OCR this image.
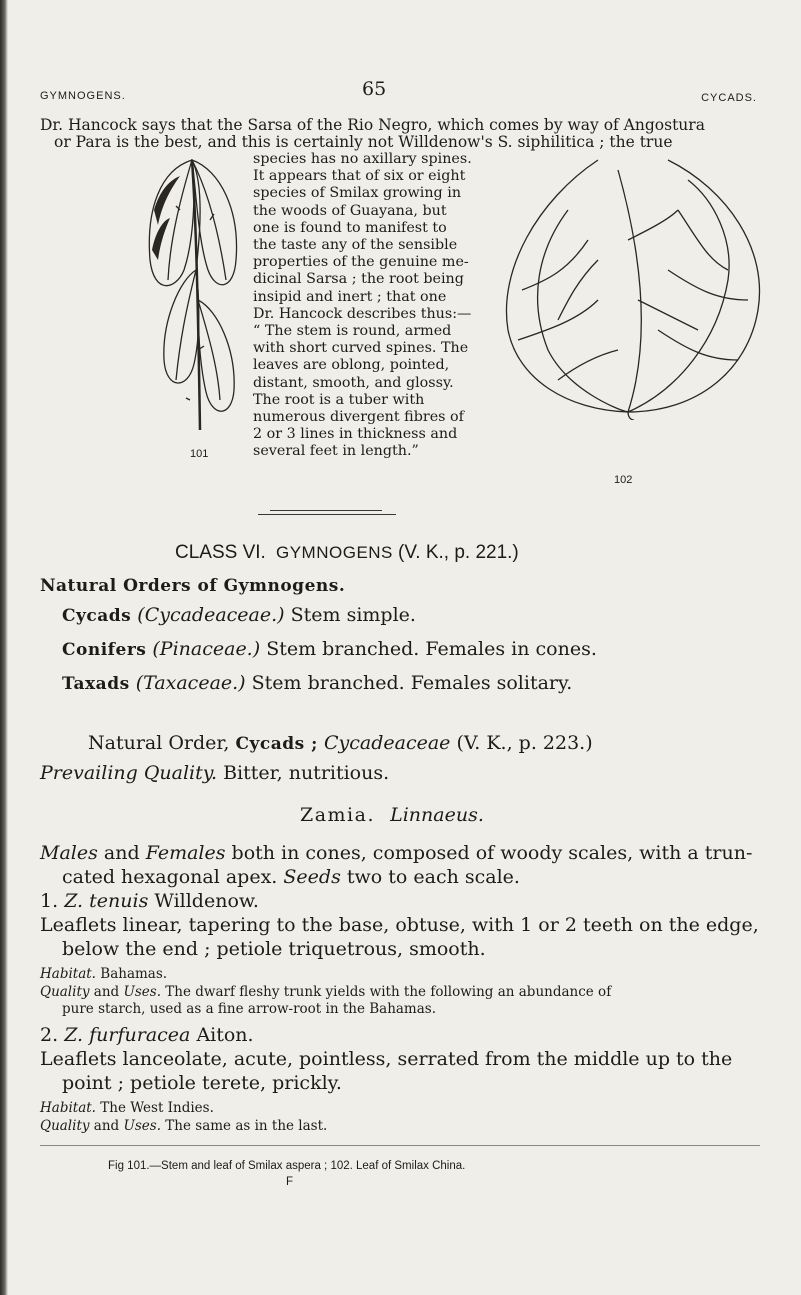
GYMNOGENS.	65	CYCADS.
Dr. Hancock says that the Sarsa of the Rio Negro, which comes by way of Angostura
or Para is the best, and this is certainly not Willdenow's S. siphilitica ; the true
101
species has no axillary spines.
It appears that of six or eight
species of Smilax growing in
the woods of Guayana, but
one is found to manifest to
the taste any of the sensible
properties of the genuine me-
dicinal Sarsa ; the root being
insipid and inert ; that one
Dr. Hancock describes thus:—
“ The stem is round, armed
with short curved spines. The
leaves are oblong, pointed,
distant, smooth, and glossy.
The root is a tuber with
numerous divergent fibres of
2 or 3 lines in thickness and
several feet in length.”
102
CLASS VI. GYMNOGENS (V. K., p. 221.)
Natural Orders of Gymnogens.
Cycads (Cycadeaceae.) Stem simple.
Conifers (Pinaceae.) Stem branched. Females in cones.
Taxads (Taxaceae.) Stem branched. Females solitary.
Natural Order, Cycads ; Cycadeaceae (V. K., p. 223.)
Prevailing Quality. Bitter, nutritious.
Zamia. Linnaeus.
Males and Females both in cones, composed of woody scales, with a trun-
cated hexagonal apex. Seeds two to each scale.
1. Z. tenuis Willdenow.
Leaflets linear, tapering to the base, obtuse, with 1 or 2 teeth on the edge,
below the end ; petiole triquetrous, smooth.
Habitat. Bahamas.
Quality and Uses. The dwarf fleshy trunk yields with the following an abundance of
pure starch, used as a fine arrow-root in the Bahamas.
2. Z. furfuracea Aiton.
Leaflets lanceolate, acute, pointless, serrated from the middle up to the
point ; petiole terete, prickly.
Habitat. The West Indies.
Quality and Uses. The same as in the last.
Fig 101.—Stem and leaf of Smilax aspera ; 102. Leaf of Smilax China.
F
